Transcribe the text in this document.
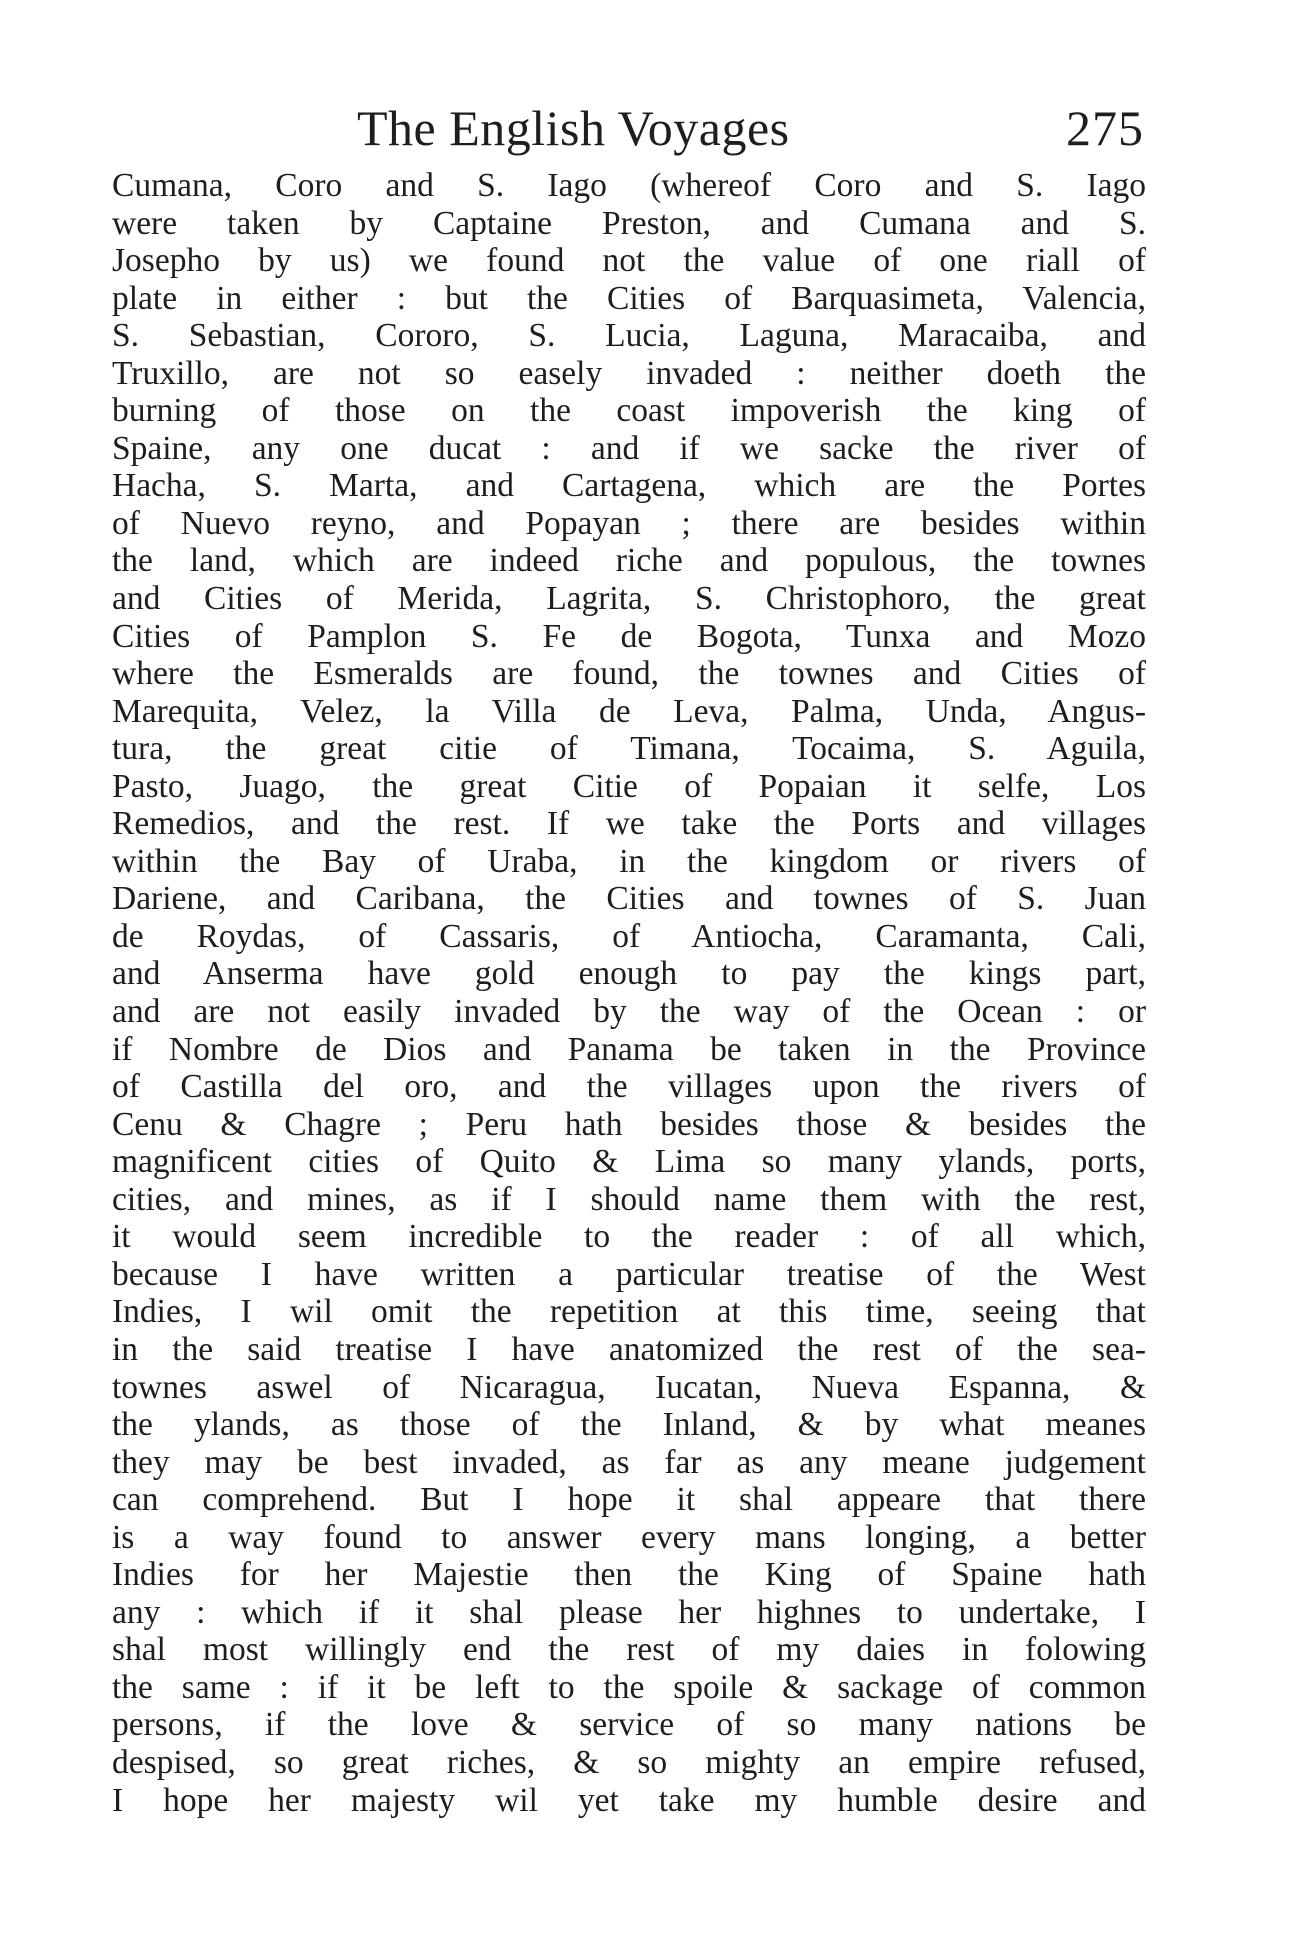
The English Voyages	275
Cumana, Coro and S. Iago (whereof Coro and S. Iago
were taken by Captaine Preston, and Cumana and S.
Josepho by us) we found not the value of one riall of
plate in either : but the Cities of Barquasimeta, Valencia,
S. Sebastian, Cororo, S. Lucia, Laguna, Maracaiba, and
Truxillo, are not so easely invaded : neither doeth the
burning of those on the coast impoverish the king of
Spaine, any one ducat : and if we sacke the river of
Hacha, S. Marta, and Cartagena, which are the Portes
of Nuevo reyno, and Popayan ; there are besides within
the land, which are indeed riche and populous, the townes
and Cities of Merida, Lagrita, S. Christophoro, the great
Cities of Pamplon S. Fe de Bogota, Tunxa and Mozo
where the Esmeralds are found, the townes and Cities of
Marequita, Velez, la Villa de Leva, Palma, Unda, Angus-
tura, the great citie of Timana, Tocaima, S. Aguila,
Pasto, Juago, the great Citie of Popaian it selfe, Los
Remedios, and the rest. If we take the Ports and villages
within the Bay of Uraba, in the kingdom or rivers of
Dariene, and Caribana, the Cities and townes of S. Juan
de Roydas, of Cassaris, of Antiocha, Caramanta, Cali,
and Anserma have gold enough to pay the kings part,
and are not easily invaded by the way of the Ocean : or
if Nombre de Dios and Panama be taken in the Province
of Castilla del oro, and the villages upon the rivers of
Cenu & Chagre ; Peru hath besides those & besides the
magnificent cities of Quito & Lima so many ylands, ports,
cities, and mines, as if I should name them with the rest,
it would seem incredible to the reader : of all which,
because I have written a particular treatise of the West
Indies, I wil omit the repetition at this time, seeing that
in the said treatise I have anatomized the rest of the sea-
townes aswel of Nicaragua, Iucatan, Nueva Espanna, &
the ylands, as those of the Inland, & by what meanes
they may be best invaded, as far as any meane judgement
can comprehend. But I hope it shal appeare that there
is a way found to answer every mans longing, a better
Indies for her Majestie then the King of Spaine hath
any : which if it shal please her highnes to undertake, I
shal most willingly end the rest of my daies in folowing
the same : if it be left to the spoile & sackage of common
persons, if the love & service of so many nations be
despised, so great riches, & so mighty an empire refused,
I hope her majesty wil yet take my humble desire and
